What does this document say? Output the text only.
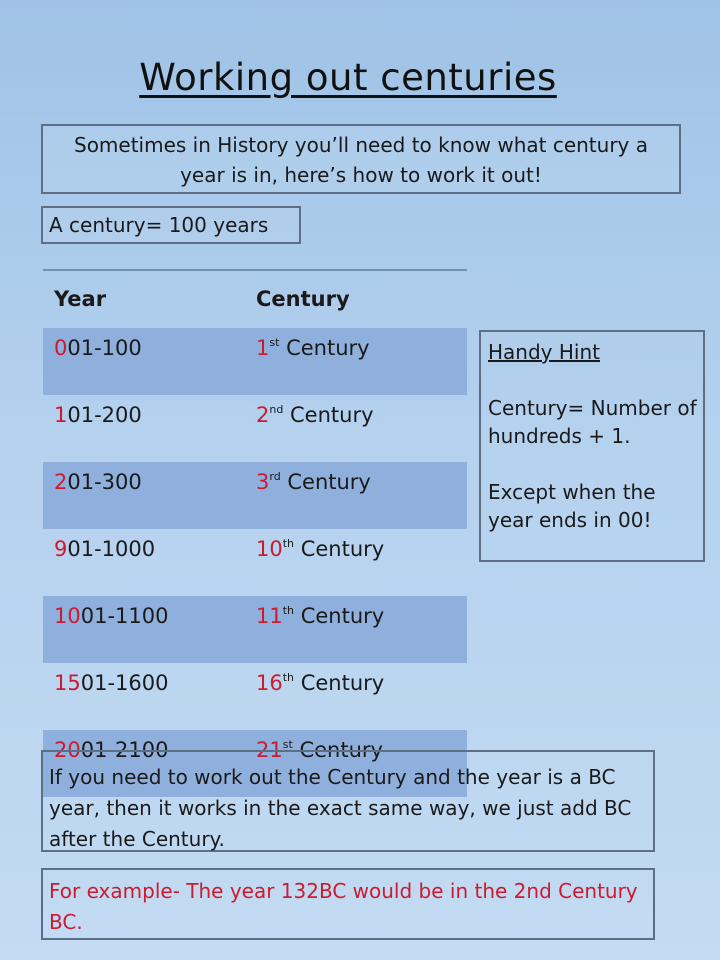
Working out centuries
Sometimes in History you’ll need to know what century a year is in, here’s how to work it out!
A century= 100 years
Year	Century
001-100	1st Century
101-200	2nd Century
201-300	3rd Century
901-1000	10th Century
1001-1100	11th Century
1501-1600	16th Century
2001-2100	21st Century
Handy Hint

Century= Number of hundreds + 1.

Except when the year ends in 00!

If you need to work out the Century and the year is a BC year, then it works in the exact same way, we just add BC after the Century.
For example- The year 132BC would be in the 2nd Century BC.
